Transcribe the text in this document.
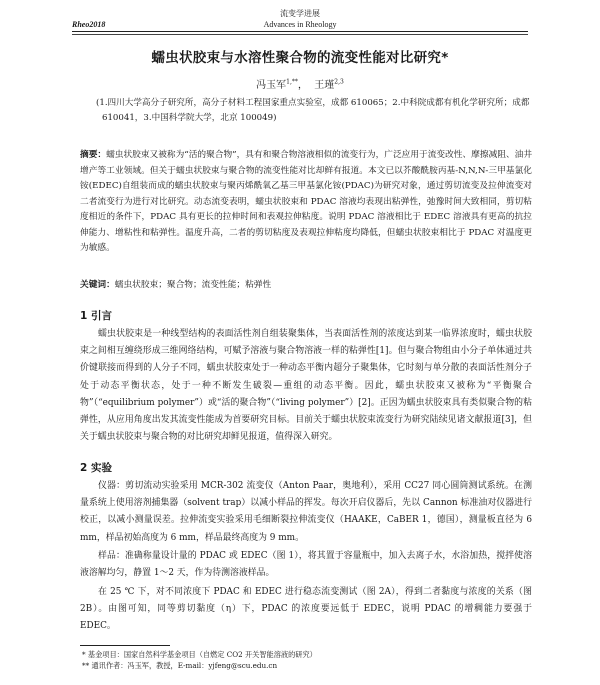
流变学进展
Advances in Rheology
Rheo2018
蠕虫状胶束与水溶性聚合物的流变性能对比研究*
冯玉军$^{1,**}$，  王瑾$^{2,3}$
(1.四川大学高分子研究所，高分子材料工程国家重点实验室，成都 610065；2.中科院成都有机化学研究所；成都 610041，3.中国科学院大学，北京 100049)
摘要：蠕虫状胶束又被称为“活的聚合物”，具有和聚合物溶液相似的流变行为，广泛应用于流变改性、摩擦减阻、油井增产等工业领域。但关于蠕虫状胶束与聚合物的流变性能对比却鲜有报道。本文已以芥酸酰胺丙基-N,N,N-三甲基氯化铵(EDEC)自组装而成的蠕虫状胶束与聚丙烯酰氧乙基三甲基氯化铵(PDAC)为研究对象，通过剪切流变及拉伸流变对二者流变行为进行对比研究。动态流变表明，蠕虫状胶束和 PDAC 溶液均表现出粘弹性，弛豫时间大致相同，剪切粘度相近的条件下，PDAC 具有更长的拉伸时间和表观拉伸粘度。说明 PDAC 溶液相比于 EDEC 溶液具有更高的抗拉伸能力、增粘性和粘弹性。温度升高，二者的剪切粘度及表观拉伸粘度均降低，但蠕虫状胶束相比于 PDAC 对温度更为敏感。
关键词：蠕虫状胶束；聚合物；流变性能；粘弹性
1 引言
蠕虫状胶束是一种线型结构的表面活性剂自组装聚集体，当表面活性剂的浓度达到某一临界浓度时，蠕虫状胶束之间相互缠绕形成三维网络结构，可赋予溶液与聚合物溶液一样的粘弹性[1]。但与聚合物组由小分子单体通过共价键联接而得到的人分子不同，蠕虫状胶束处于一种动态平衡内超分子聚集体，它时刻与单分散的表面活性剂分子处于动态平衡状态，处于一种不断发生破裂—重组的动态平衡。因此，蠕虫状胶束又被称为“平衡聚合物”（“equilibrium polymer”）或“活的聚合物”（“living polymer”）[2]。正因为蠕虫状胶束具有类似聚合物的粘弹性，从应用角度出发其流变性能成为首要研究目标。目前关于蠕虫状胶束流变行为研究陆续见诸文献报道[3]，但关于蠕虫状胶束与聚合物的对比研究却鲜见报道，值得深入研究。
2 实验
仪器：剪切流动实验采用 MCR-302 流变仪（Anton Paar，奥地利），采用 CC27 同心圆筒测试系统。在测量系统上使用溶剂捕集器（solvent trap）以减小样品的挥发。每次开启仪器后，先以 Cannon 标准油对仪器进行校正，以减小测量误差。拉伸流变实验采用毛细断裂拉伸流变仪（HAAKE，CaBER 1，德国），测量板直径为 6 mm，样品初始高度为 6 mm，样品最终高度为 9 mm。
样品：准确称量设计量的 PDAC 或 EDEC（图 1），将其置于容量瓶中，加入去离子水，水浴加热，搅拌使溶液溶解均匀，静置 1～2 天，作为待测溶液样品。
在 25 ℃ 下，对不同浓度下 PDAC 和 EDEC 进行稳态流变测试（图 2A），得到二者黏度与浓度的关系（图 2B）。由图可知，同等剪切黏度（η）下，PDAC 的浓度要远低于 EDEC，说明 PDAC 的增稠能力要强于 EDEC。
* 基金项目：国家自然科学基金项目（自燃定 CO2 开关智能溶液的研究）
** 通讯作者：冯玉军，教授，E-mail：yjfeng@scu.edu.cn
